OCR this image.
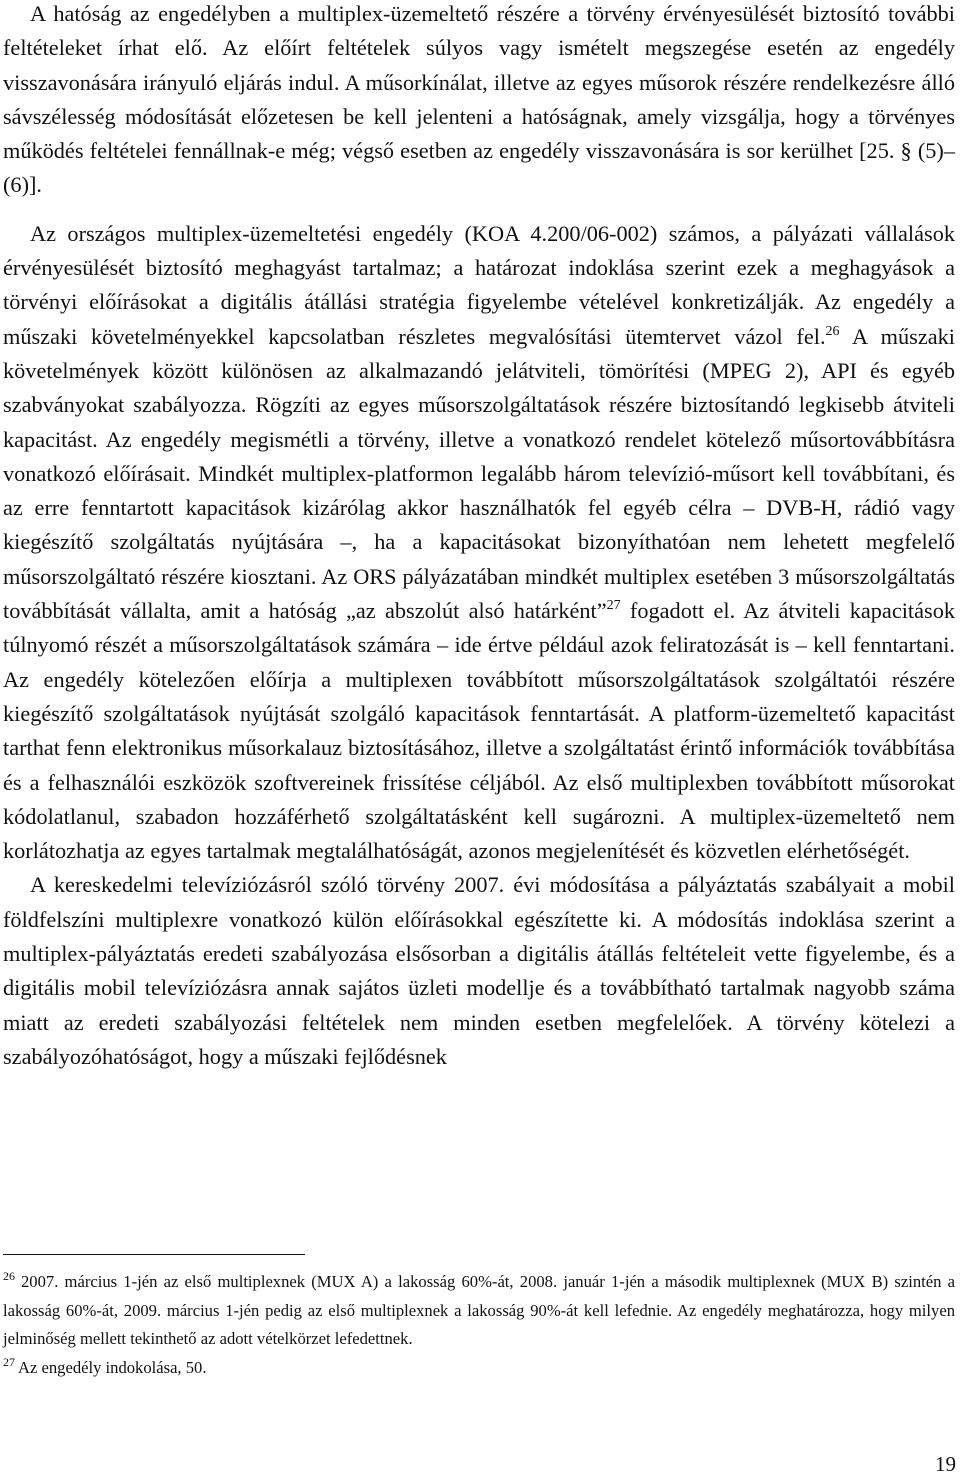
A hatóság az engedélyben a multiplex-üzemeltető részére a törvény érvényesülését biztosító további feltételeket írhat elő. Az előírt feltételek súlyos vagy ismételt megszegése esetén az engedély visszavonására irányuló eljárás indul. A műsorkínálat, illetve az egyes műsorok részére rendelkezésre álló sávszélesség módosítását előzetesen be kell jelenteni a hatóságnak, amely vizsgálja, hogy a törvényes működés feltételei fennállnak-e még; végső esetben az engedély visszavonására is sor kerülhet [25. § (5)–(6)].

Az országos multiplex-üzemeltetési engedély (KOA 4.200/06-002) számos, a pályázati vállalások érvényesülését biztosító meghagyást tartalmaz; a határozat indoklása szerint ezek a meghagyások a törvényi előírásokat a digitális átállási stratégia figyelembe vételével konkretizálják. Az engedély a műszaki követelményekkel kapcsolatban részletes megvalósítási ütemtervet vázol fel.$^{26}$ A műszaki követelmények között különösen az alkalmazandó jelátviteli, tömörítési (MPEG 2), API és egyéb szabványokat szabályozza. Rögzíti az egyes műsorszolgáltatások részére biztosítandó legkisebb átviteli kapacitást. Az engedély megismétli a törvény, illetve a vonatkozó rendelet kötelező műsortovábbításra vonatkozó előírásait. Mindkét multiplex-platformon legalább három televízió-műsort kell továbbítani, és az erre fenntartott kapacitások kizárólag akkor használhatók fel egyéb célra – DVB-H, rádió vagy kiegészítő szolgáltatás nyújtására –, ha a kapacitásokat bizonyíthatóan nem lehetett megfelelő műsorszolgáltató részére kiosztani. Az ORS pályázatában mindkét multiplex esetében 3 műsorszolgáltatás továbbítását vállalta, amit a hatóság „az abszolút alsó határként”$^{27}$ fogadott el. Az átviteli kapacitások túlnyomó részét a műsorszolgáltatások számára – ide értve például azok feliratozását is – kell fenntartani. Az engedély kötelezően előírja a multiplexen továbbított műsorszolgáltatások szolgáltatói részére kiegészítő szolgáltatások nyújtását szolgáló kapacitások fenntartását. A platform-üzemeltető kapacitást tarthat fenn elektronikus műsorkalauz biztosításához, illetve a szolgáltatást érintő információk továbbítása és a felhasználói eszközök szoftvereinek frissítése céljából. Az első multiplexben továbbított műsorokat kódolatlanul, szabadon hozzáférhető szolgáltatásként kell sugározni. A multiplex-üzemeltető nem korlátozhatja az egyes tartalmak megtalálhatóságát, azonos megjelenítését és közvetlen elérhetőségét.

A kereskedelmi televíziózásról szóló törvény 2007. évi módosítása a pályáztatás szabályait a mobil földfelszíni multiplexre vonatkozó külön előírásokkal egészítette ki. A módosítás indoklása szerint a multiplex-pályáztatás eredeti szabályozása elsősorban a digitális átállás feltételeit vette figyelembe, és a digitális mobil televíziózásra annak sajátos üzleti modellje és a továbbítható tartalmak nagyobb száma miatt az eredeti szabályozási feltételek nem minden esetben megfelelőek. A törvény kötelezi a szabályozóhatóságot, hogy a műszaki fejlődésnek

$^{26}$ 2007. március 1-jén az első multiplexnek (MUX A) a lakosság 60%-át, 2008. január 1-jén a második multiplexnek (MUX B) szintén a lakosság 60%-át, 2009. március 1-jén pedig az első multiplexnek a lakosság 90%-át kell lefednie. Az engedély meghatározza, hogy milyen jelminőség mellett tekinthető az adott vételkörzet lefedettnek.

$^{27}$ Az engedély indokolása, 50.

19
